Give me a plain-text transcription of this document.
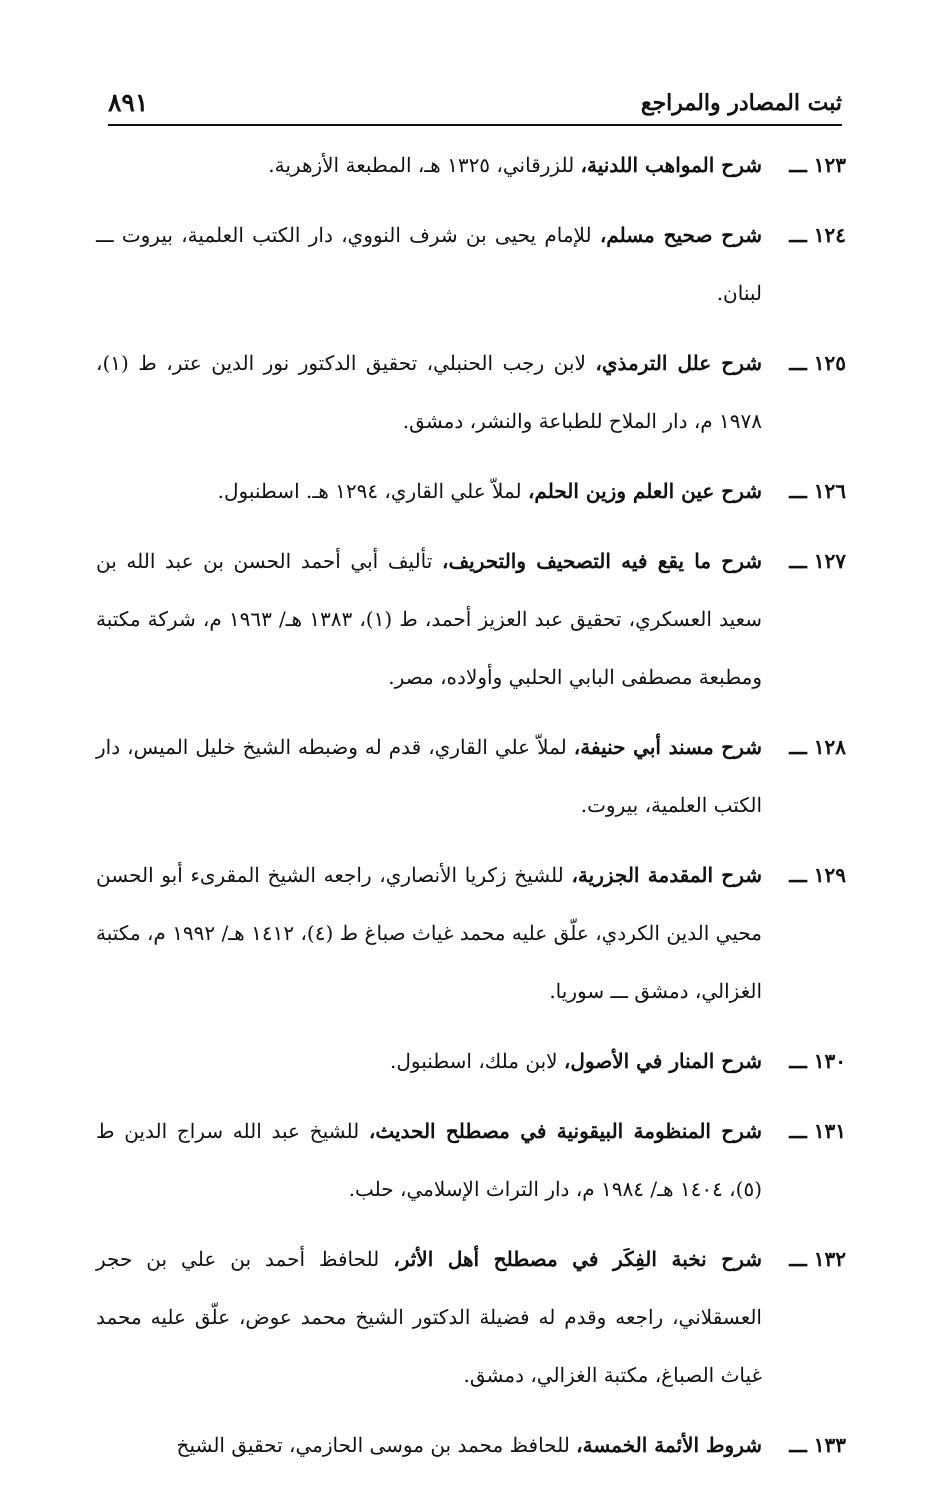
ثبت المصادر والمراجع
٨٩١
١٢٣ ـــ
شرح المواهب اللدنية، للزرقاني، ١٣٢٥ هـ، المطبعة الأزهرية.
١٢٤ ـــ
شرح صحيح مسلم، للإمام يحيى بن شرف النووي، دار الكتب العلمية، بيروت ـــ لبنان.
١٢٥ ـــ
شرح علل الترمذي، لابن رجب الحنبلي، تحقيق الدكتور نور الدين عتر، ط (١)، ١٩٧٨ م، دار الملاح للطباعة والنشر، دمشق.
١٢٦ ـــ
شرح عين العلم وزين الحلم، لملاّ علي القاري، ١٢٩٤ هـ. اسطنبول.
١٢٧ ـــ
شرح ما يقع فيه التصحيف والتحريف، تأليف أبي أحمد الحسن بن عبد الله بن سعيد العسكري، تحقيق عبد العزيز أحمد، ط (١)، ١٣٨٣ هـ/ ١٩٦٣ م، شركة مكتبة ومطبعة مصطفى البابي الحلبي وأولاده، مصر.
١٢٨ ـــ
شرح مسند أبي حنيفة، لملاّ علي القاري، قدم له وضبطه الشيخ خليل الميس، دار الكتب العلمية، بيروت.
١٢٩ ـــ
شرح المقدمة الجزرية، للشيخ زكريا الأنصاري، راجعه الشيخ المقرىء أبو الحسن محيي الدين الكردي، علّق عليه محمد غياث صباغ ط (٤)، ١٤١٢ هـ/ ١٩٩٢ م، مكتبة الغزالي، دمشق ـــ سوريا.
١٣٠ ـــ
شرح المنار في الأصول، لابن ملك، اسطنبول.
١٣١ ـــ
شرح المنظومة البيقونية في مصطلح الحديث، للشيخ عبد الله سراج الدين ط (٥)، ١٤٠٤ هـ/ ١٩٨٤ م، دار التراث الإسلامي، حلب.
١٣٢ ـــ
شرح نخبة الفِكَر في مصطلح أهل الأثر، للحافظ أحمد بن علي بن حجر العسقلاني، راجعه وقدم له فضيلة الدكتور الشيخ محمد عوض، علّق عليه محمد غياث الصباغ، مكتبة الغزالي، دمشق.
١٣٣ ـــ
شروط الأئمة الخمسة، للحافظ محمد بن موسى الحازمي، تحقيق الشيخ
